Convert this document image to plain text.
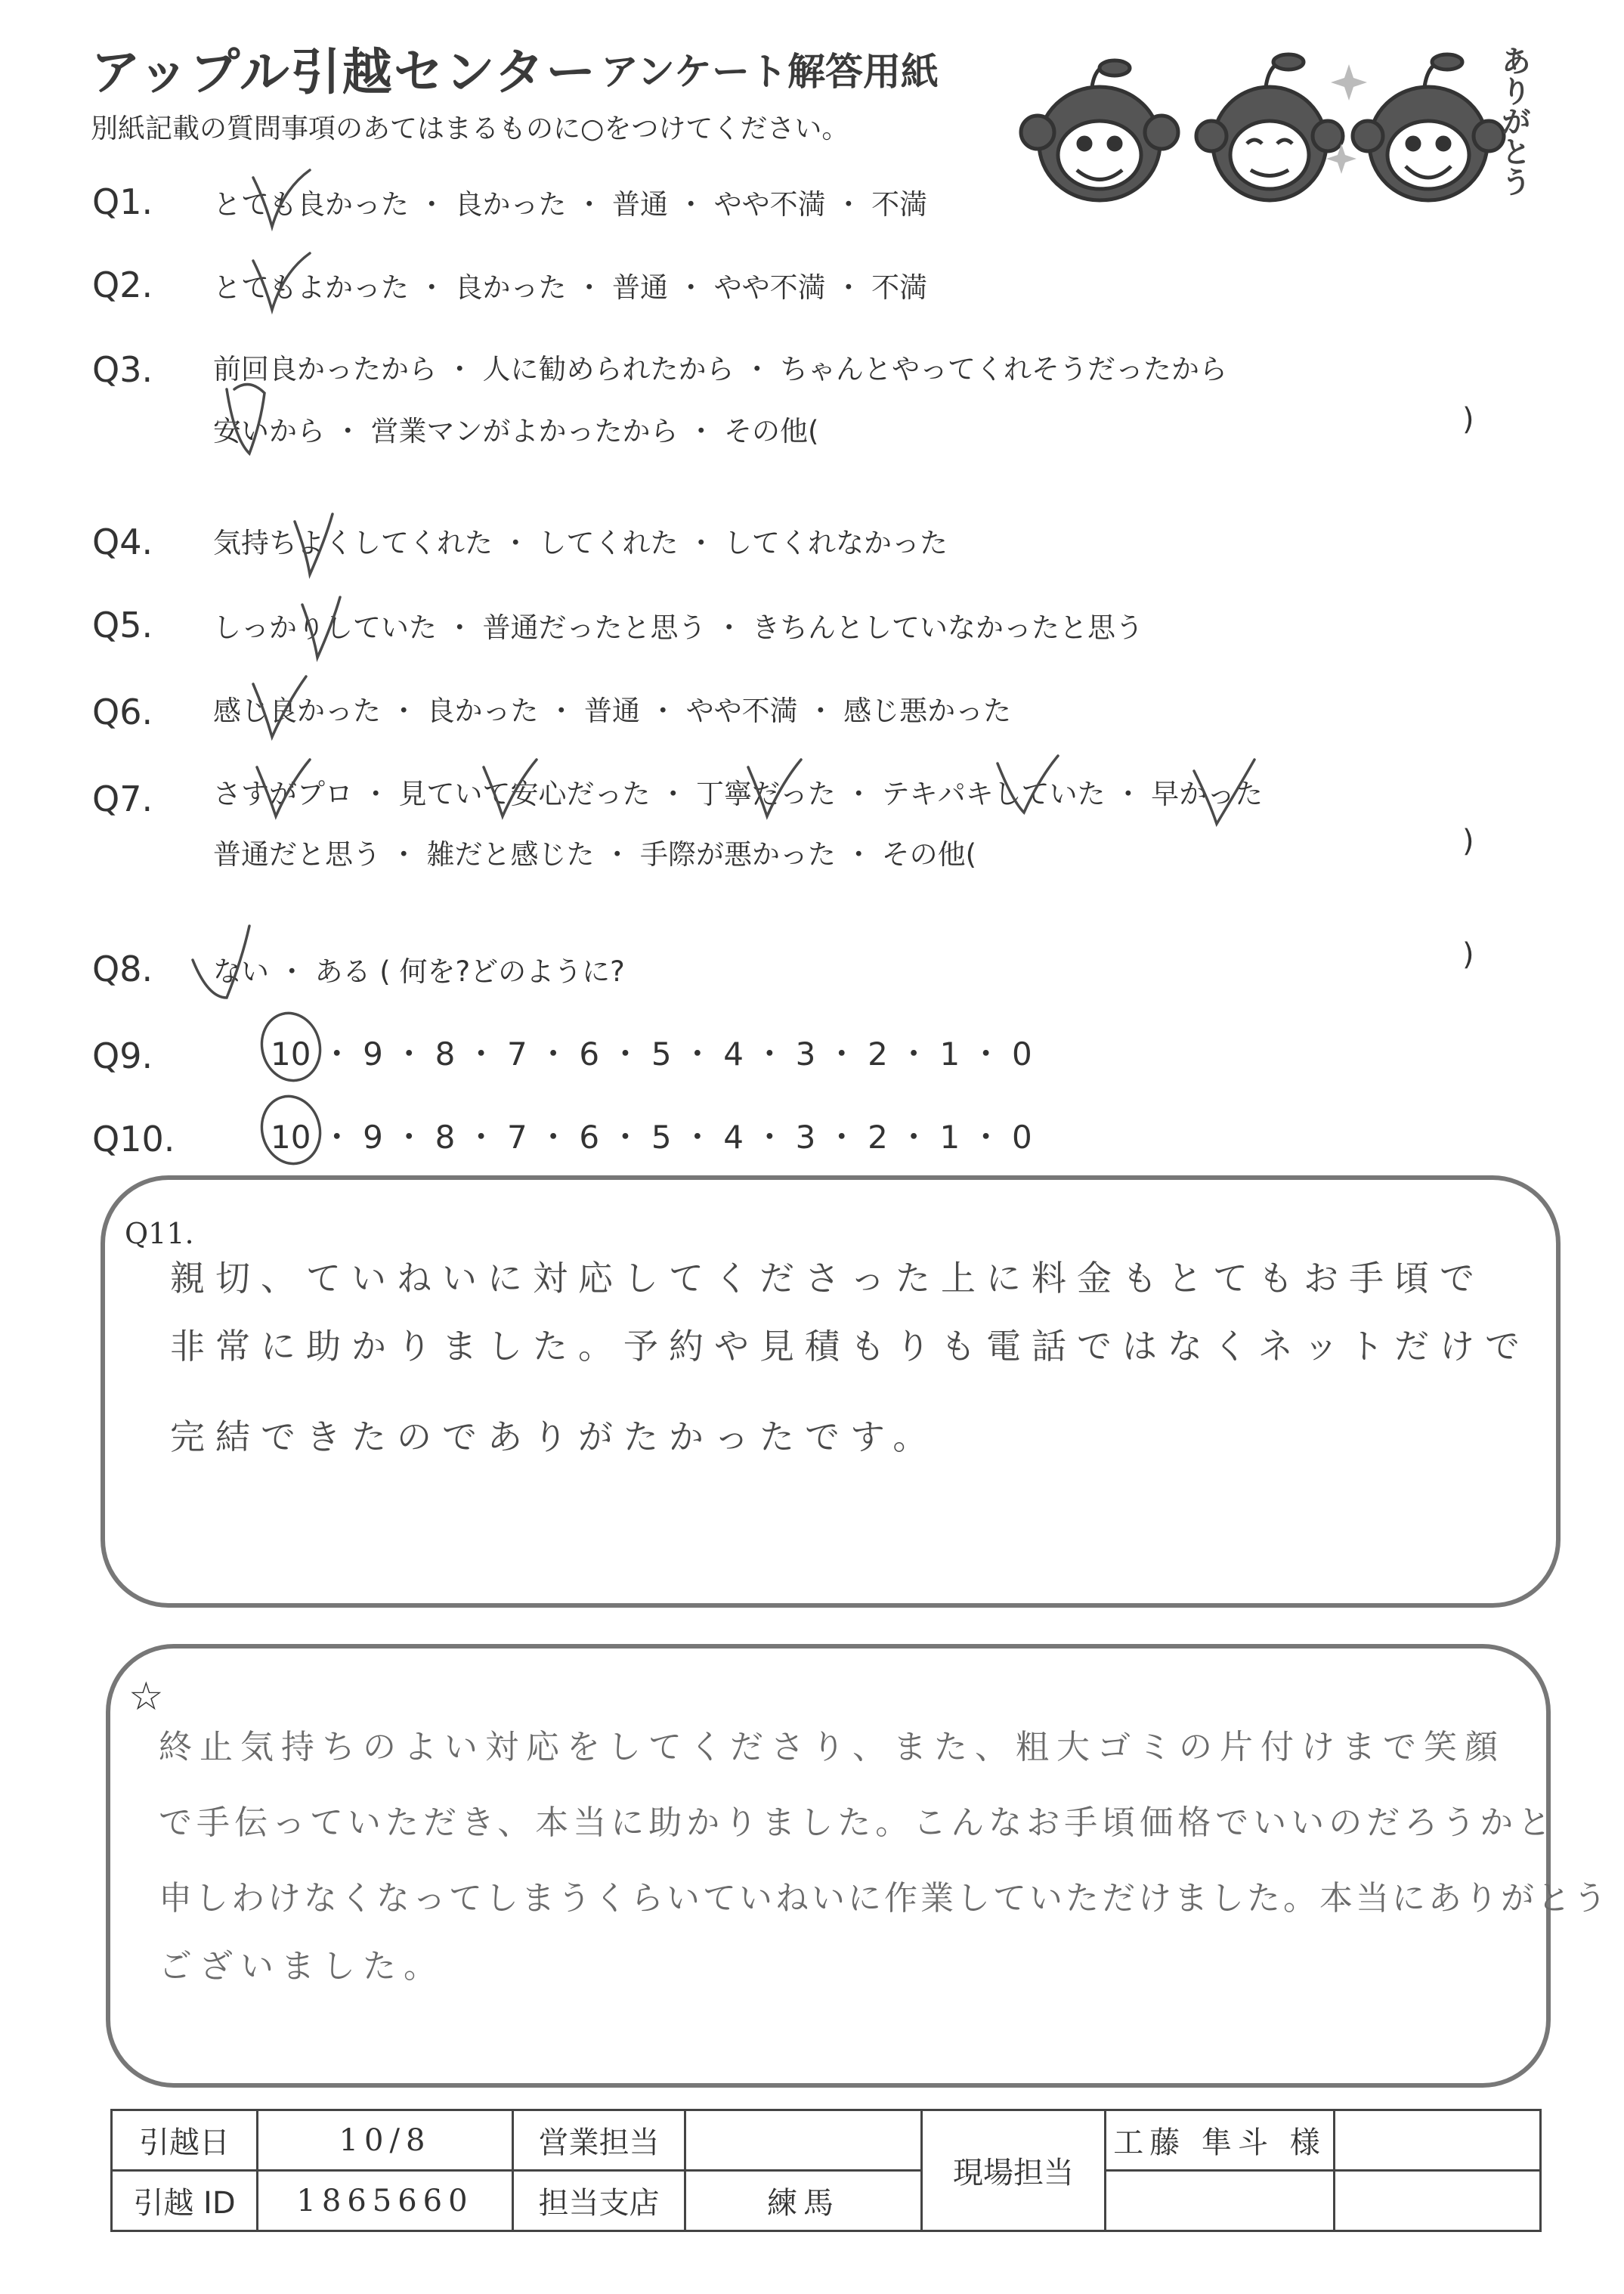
アップル引越センター アンケート解答用紙
別紙記載の質問事項のあてはまるものに○をつけてください。	ありがとう
Q1. とても良かった ・ 良かった ・ 普通 ・ やや不満 ・ 不満
Q2. とてもよかった ・ 良かった ・ 普通 ・ やや不満 ・ 不満
Q3. 前回良かったから ・ 人に勧められたから ・ ちゃんとやってくれそうだったから
安いから ・ 営業マンがよかったから ・ その他(	)
Q4. 気持ちよくしてくれた ・ してくれた ・ してくれなかった
Q5. しっかりしていた ・ 普通だったと思う ・ きちんとしていなかったと思う
Q6. 感じ良かった ・ 良かった ・ 普通 ・ やや不満 ・ 感じ悪かった
Q7. さすがプロ ・ 見ていて安心だった ・ 丁寧だった ・ テキパキしていた ・ 早かった
普通だと思う ・ 雑だと感じた ・ 手際が悪かった ・ その他(	)
Q8. ない ・ ある ( 何を?どのように?	)
Q9.	10 ・ 9 ・ 8 ・ 7 ・ 6 ・ 5 ・ 4 ・ 3 ・ 2 ・ 1 ・ 0
Q10.	10 ・ 9 ・ 8 ・ 7 ・ 6 ・ 5 ・ 4 ・ 3 ・ 2 ・ 1 ・ 0
Q11.
親切、ていねいに対応してくださった上に料金もとてもお手頃で
非常に助かりました。予約や見積もりも電話ではなくネットだけで
完結できたのでありがたかったです。
☆
終止気持ちのよい対応をしてくださり、また、粗大ゴミの片付けまで笑顔
で手伝っていただき、本当に助かりました。こんなお手頃価格でいいのだろうかと
申しわけなくなってしまうくらいていねいに作業していただけました。本当にありがとう
ございました。
引越日	10/8	営業担当		現場担当	工藤 隼斗 様	
引越 ID	1865660	担当支店	練馬			
